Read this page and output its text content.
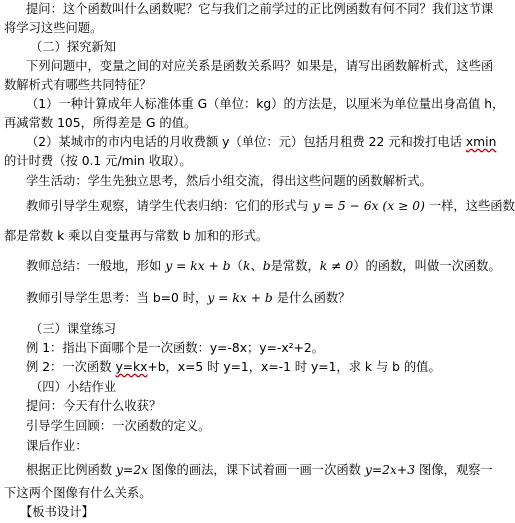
提问：这个函数叫什么函数呢？它与我们之前学过的正比例函数有何不同？我们这节课
将学习这些问题。
（二）探究新知
下列问题中，变量之间的对应关系是函数关系吗？如果是，请写出函数解析式，这些函
数解析式有哪些共同特征？
（1）一种计算成年人标准体重 G（单位：kg）的方法是，以厘米为单位量出身高值 h，
再减常数 105，所得差是 G 的值。
（2）某城市的市内电话的月收费额 y（单位：元）包括月租费 22 元和拨打电话 xmin
的计时费（按 0.1 元/min 收取）。
学生活动：学生先独立思考，然后小组交流，得出这些问题的函数解析式。
教师引导学生观察，请学生代表归纳：它们的形式与 y = 5 − 6x (x ≥ 0) 一样，这些函数
都是常数 k 乘以自变量再与常数 b 加和的形式。
教师总结：一般地，形如 y = kx + b（k、b是常数，k ≠ 0）的函数，叫做一次函数。
教师引导学生思考：当 b=0 时，y = kx + b 是什么函数？
（三）课堂练习
例 1：指出下面哪个是一次函数：y=-8x；y=-x²+2。
例 2：一次函数 y=kx+b，x=5 时 y=1，x=-1 时 y=1，求 k 与 b 的值。
（四）小结作业
提问：今天有什么收获？
引导学生回顾：一次函数的定义。
课后作业：
根据正比例函数 y=2x 图像的画法，课下试着画一画一次函数 y=2x+3 图像，观察一
下这两个图像有什么关系。
【板书设计】
